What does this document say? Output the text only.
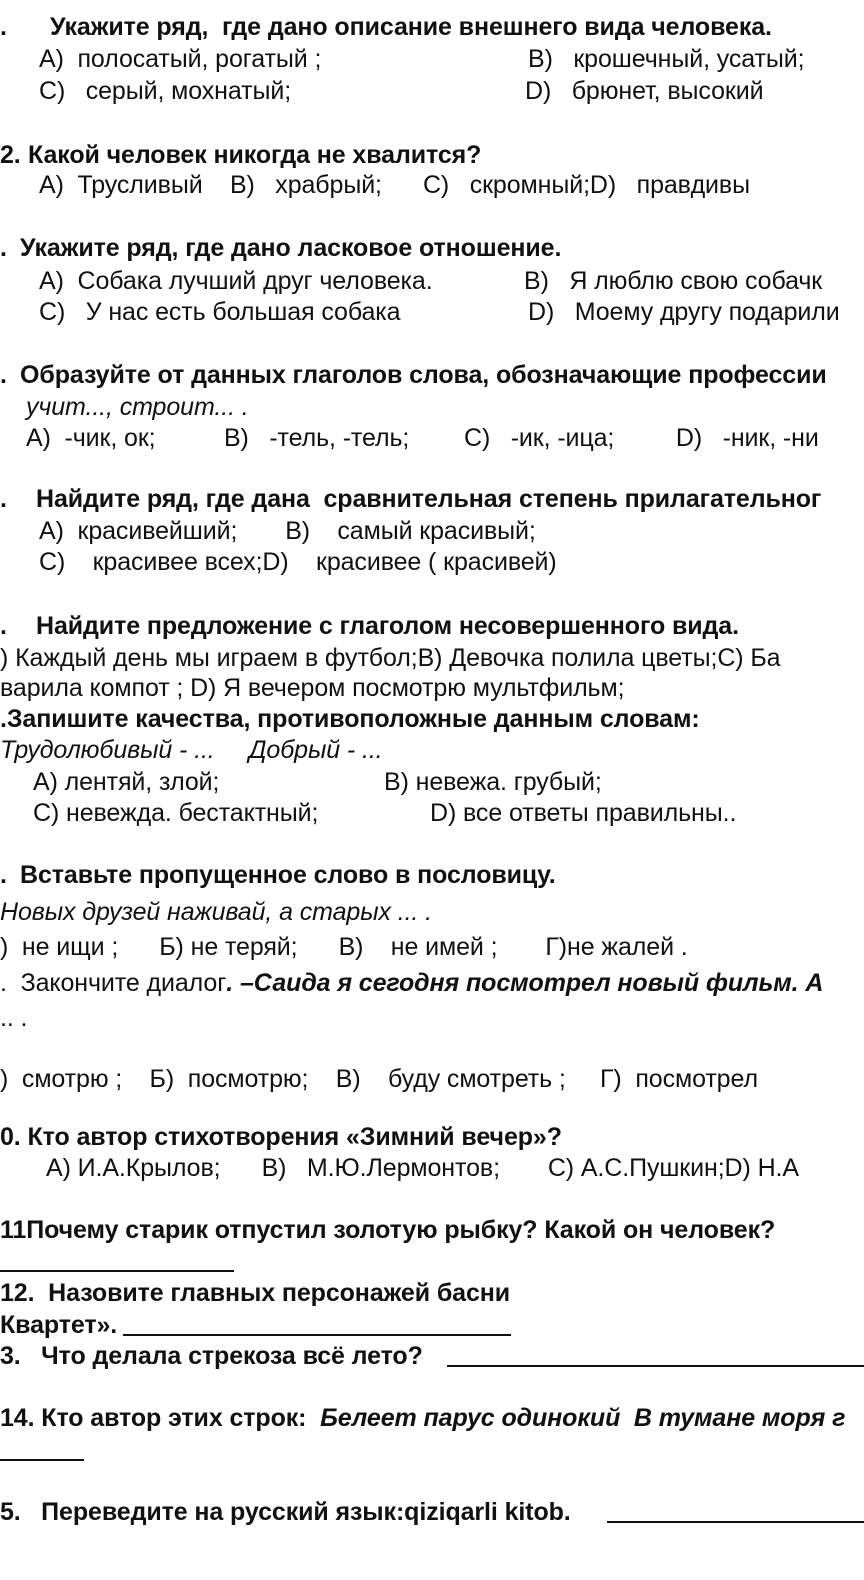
. Укажите ряд,  где дано описание внешнего вида человека.
A)  полосатый, рогатый ;	B)   крошечный, усатый;
C)   серый, мохнатый;	D)   брюнет, высокий
2. Какой человек никогда не хвалится?
A)  Трусливый    B)   храбрый;      C)   скромный;D)   правдивы
. Укажите ряд, где дано ласковое отношение.
A)  Собака лучший друг человека.	B)   Я люблю свою собачк
C)   У нас есть большая собака	D)   Моему другу подарили
. Образуйте от данных глаголов слова, обозначающие профессии
учит..., строит... .
A)  -чик, ок;          B)   -тель, -тель;        C)   -ик, -ица;         D)   -ник, -ни
. Найдите ряд, где дана  сравнительная степень прилагательног
A)  красивейший;       B)    самый красивый;
C)    красивее всех;D)    красивее ( красивей)
. Найдите предложение с глаголом несовершенного вида.
) Каждый день мы играем в футбол;B) Девочка полила цветы;C) Ба
варила компот ; D) Я вечером посмотрю мультфильм;
.Запишите качества, противоположные данным словам:
Трудолюбивый - ...     Добрый - ...
A) лентяй, злой;	B) невежа. грубый;
C) невежда. бестактный;	D) все ответы правильны..
. Вставьте пропущенное слово в пословицу.
Новых друзей наживай, а старых ... .
)  не ищи ;      Б) не теряй;      В)    не имей ;       Г)не жалей .
. Закончите диалог. –Саида я сегодня посмотрел новый фильм. А
.. .
)  смотрю ;    Б)  посмотрю;    В)    буду смотреть ;     Г)  посмотрел
0. Кто автор стихотворения «Зимний вечер»?
A) И.А.Крылов;      B)   М.Ю.Лермонтов;       C) А.С.Пушкин;D) Н.А
11Почему старик отпустил золотую рыбку? Какой он человек?
12.  Назовите главных персонажей басни
Квартет».
3.   Что делала стрекоза всё лето?
14. Кто автор этих строк:  Белеет парус одинокий  В тумане моря г
5.   Переведите на русский язык:qiziqarli kitob.
